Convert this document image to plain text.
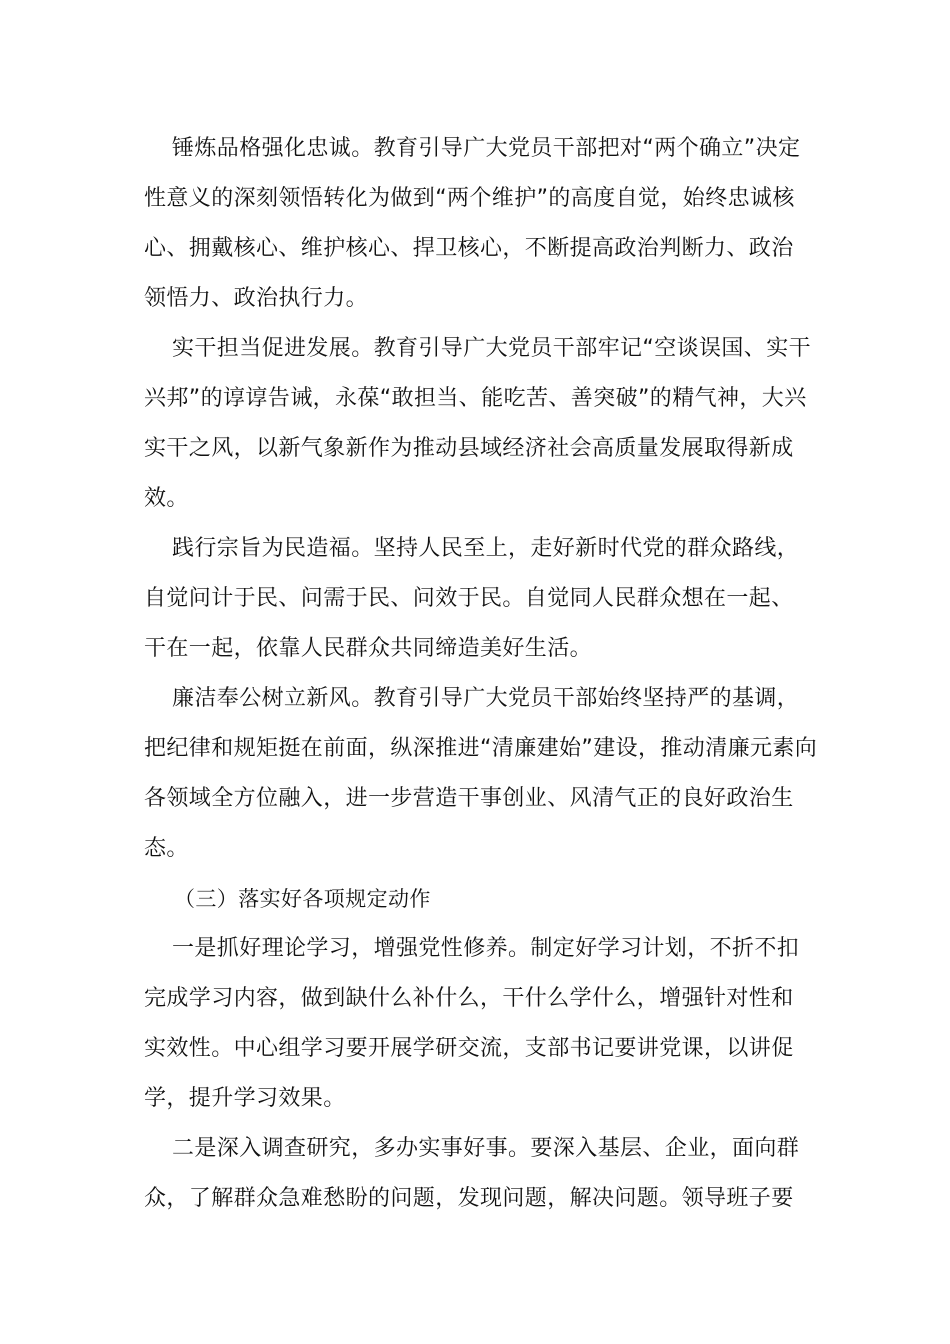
锤炼品格强化忠诚。教育引导广大党员干部把对“两个确立”决定

性意义的深刻领悟转化为做到“两个维护”的高度自觉，始终忠诚核

心、拥戴核心、维护核心、捍卫核心，不断提高政治判断力、政治

领悟力、政治执行力。

实干担当促进发展。教育引导广大党员干部牢记“空谈误国、实干

兴邦”的谆谆告诫，永葆“敢担当、能吃苦、善突破”的精气神，大兴

实干之风，以新气象新作为推动县域经济社会高质量发展取得新成

效。

践行宗旨为民造福。坚持人民至上，走好新时代党的群众路线，

自觉问计于民、问需于民、问效于民。自觉同人民群众想在一起、

干在一起，依靠人民群众共同缔造美好生活。

廉洁奉公树立新风。教育引导广大党员干部始终坚持严的基调，

把纪律和规矩挺在前面，纵深推进“清廉建始”建设，推动清廉元素向

各领域全方位融入，进一步营造干事创业、风清气正的良好政治生

态。

（三）落实好各项规定动作

一是抓好理论学习，增强党性修养。制定好学习计划，不折不扣

完成学习内容，做到缺什么补什么，干什么学什么，增强针对性和

实效性。中心组学习要开展学研交流，支部书记要讲党课，以讲促

学，提升学习效果。

二是深入调查研究，多办实事好事。要深入基层、企业，面向群

众，了解群众急难愁盼的问题，发现问题，解决问题。领导班子要
